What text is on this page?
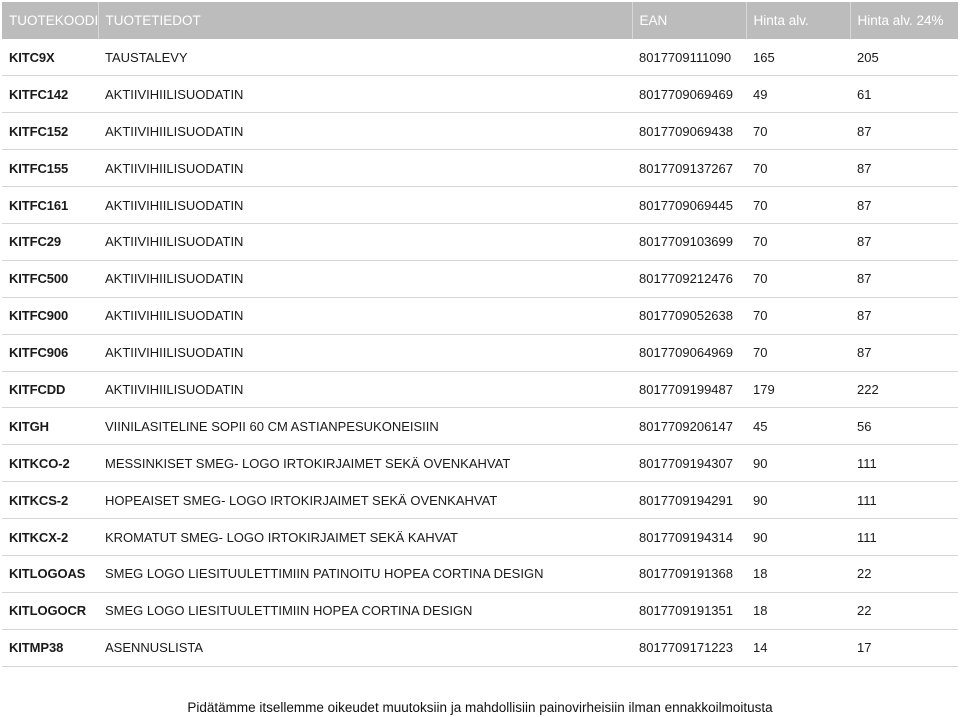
TUOTEKOODI	TUOTETIEDOT	EAN	Hinta alv.	Hinta alv. 24%
KITC9X	TAUSTALEVY	8017709111090	165	205
KITFC142	AKTIIVIHIILISUODATIN	8017709069469	49	61
KITFC152	AKTIIVIHIILISUODATIN	8017709069438	70	87
KITFC155	AKTIIVIHIILISUODATIN	8017709137267	70	87
KITFC161	AKTIIVIHIILISUODATIN	8017709069445	70	87
KITFC29	AKTIIVIHIILISUODATIN	8017709103699	70	87
KITFC500	AKTIIVIHIILISUODATIN	8017709212476	70	87
KITFC900	AKTIIVIHIILISUODATIN	8017709052638	70	87
KITFC906	AKTIIVIHIILISUODATIN	8017709064969	70	87
KITFCDD	AKTIIVIHIILISUODATIN	8017709199487	179	222
KITGH	VIINILASITELINE SOPII 60 CM ASTIANPESUKONEISIIN	8017709206147	45	56
KITKCO-2	MESSINKISET SMEG- LOGO IRTOKIRJAIMET SEKÄ OVENKAHVAT	8017709194307	90	111
KITKCS-2	HOPEAISET SMEG- LOGO IRTOKIRJAIMET SEKÄ OVENKAHVAT	8017709194291	90	111
KITKCX-2	KROMATUT SMEG- LOGO IRTOKIRJAIMET SEKÄ KAHVAT	8017709194314	90	111
KITLOGOAS	SMEG LOGO LIESITUULETTIMIIN PATINOITU HOPEA CORTINA DESIGN	8017709191368	18	22
KITLOGOCR	SMEG LOGO LIESITUULETTIMIIN HOPEA CORTINA DESIGN	8017709191351	18	22
KITMP38	ASENNUSLISTA	8017709171223	14	17
Pidätämme itsellemme oikeudet muutoksiin ja mahdollisiin painovirheisiin ilman ennakkoilmoitusta
